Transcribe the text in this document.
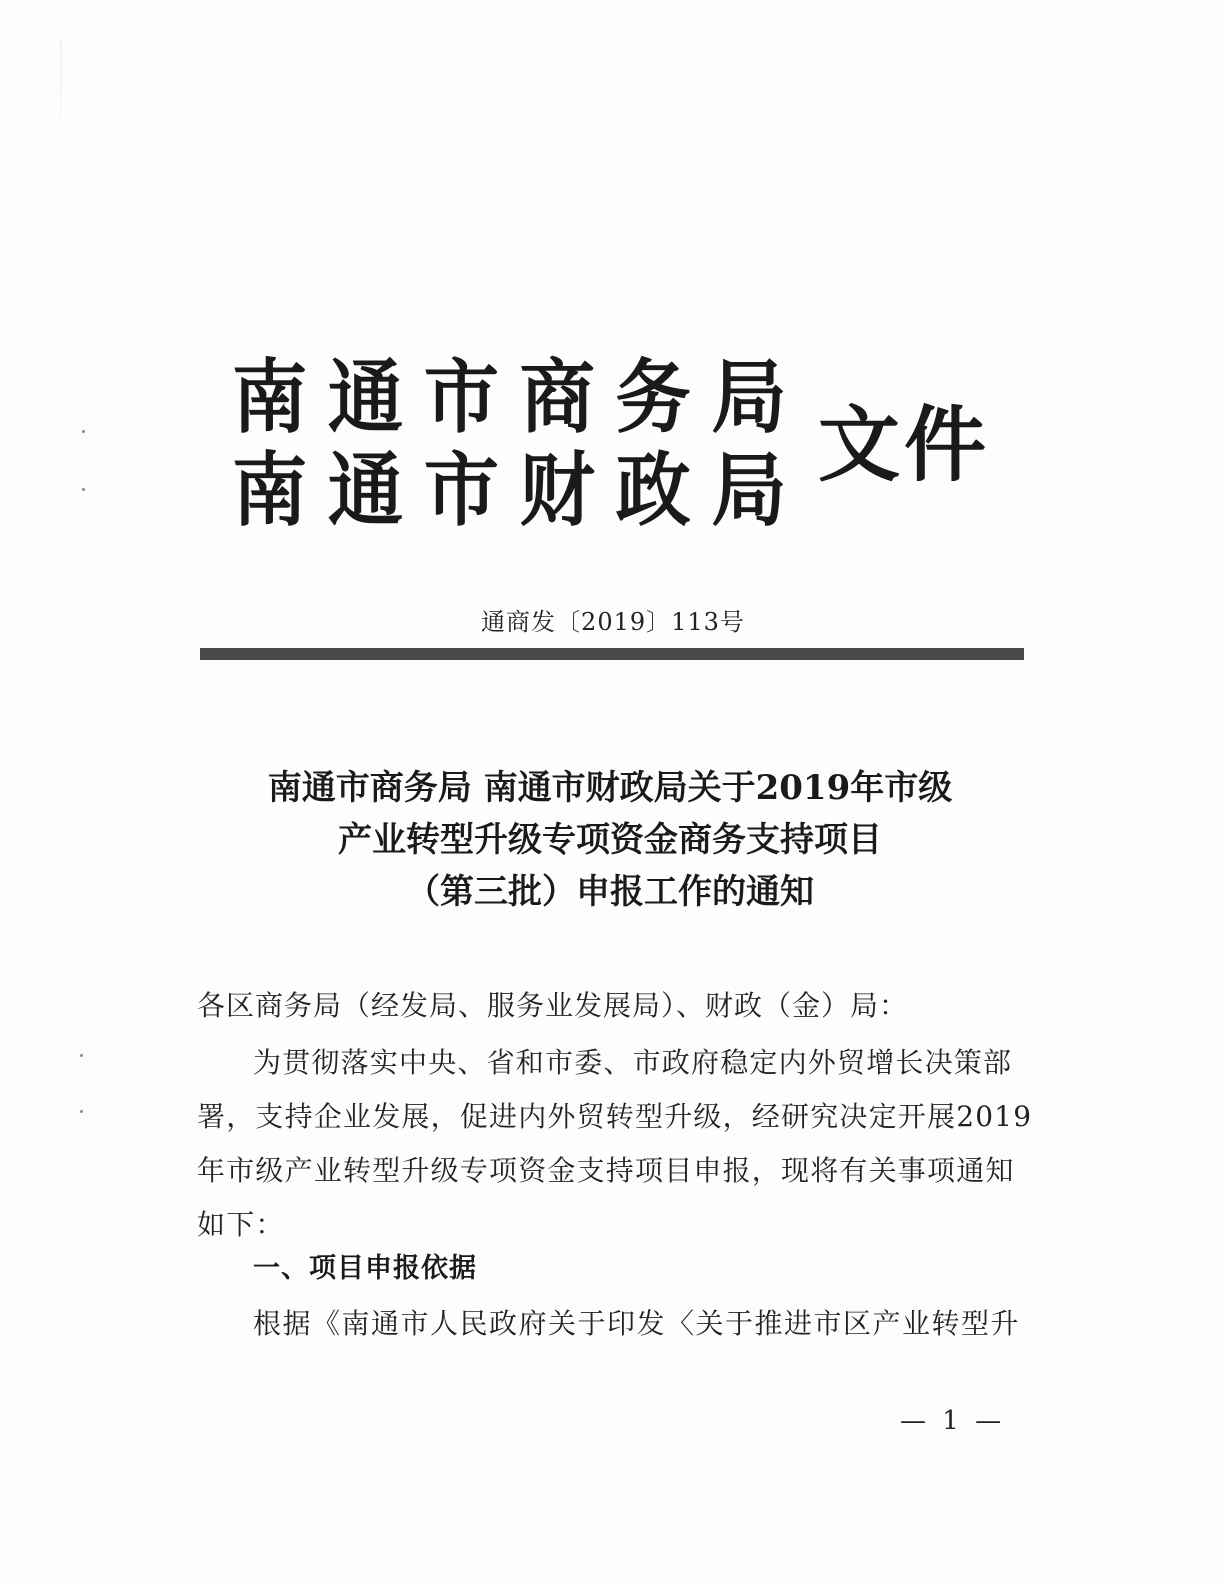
南通市商务局
南通市财政局 文件
通商发〔2019〕113号
南通市商务局 南通市财政局关于2019年市级
产业转型升级专项资金商务支持项目
（第三批）申报工作的通知
各区商务局（经发局、服务业发展局）、财政（金）局：
为贯彻落实中央、省和市委、市政府稳定内外贸增长决策部
署，支持企业发展，促进内外贸转型升级，经研究决定开展2019
年市级产业转型升级专项资金支持项目申报，现将有关事项通知
如下：
一、项目申报依据
根据《南通市人民政府关于印发〈关于推进市区产业转型升
— 1 —
